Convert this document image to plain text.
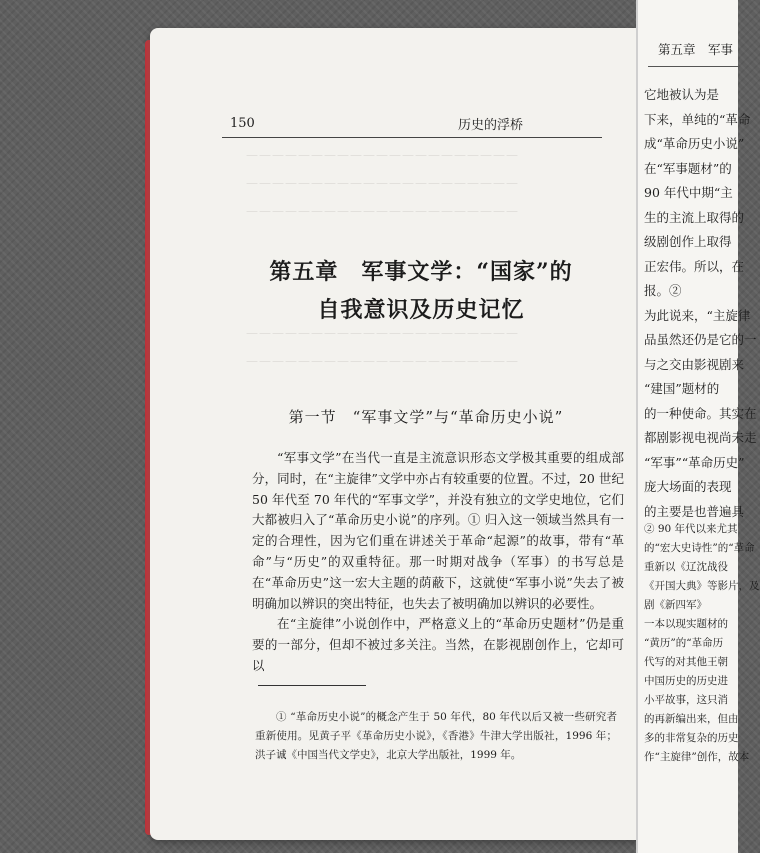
—————————————————————
—————————————————————
—————————————————————
—————————————————————
—————————————————————
150	历史的浮桥
第五章　军事文学：“国家”的
自我意识及历史记忆
第一节　“军事文学”与“革命历史小说”

“军事文学”在当代一直是主流意识形态文学极其重要的组成部分，同时，在“主旋律”文学中亦占有较重要的位置。不过，20 世纪 50 年代至 70 年代的“军事文学”，并没有独立的文学史地位，它们大都被归入了“革命历史小说”的序列。① 归入这一领域当然具有一定的合理性，因为它们重在讲述关于革命“起源”的故事，带有“革命”与“历史”的双重特征。那一时期对战争（军事）的书写总是在“革命历史”这一宏大主题的荫蔽下，这就使“军事小说”失去了被明确加以辨识的突出特征，也失去了被明确加以辨识的必要性。

在“主旋律”小说创作中，严格意义上的“革命历史题材”仍是重要的一部分，但却不被过多关注。当然，在影视剧创作上，它却可以

① “革命历史小说”的概念产生于 50 年代，80 年代以后又被一些研究者重新使用。见黄子平《革命历史小说》，《香港》牛津大学出版社，1996 年；洪子诚《中国当代文学史》，北京大学出版社，1999 年。

第五章　军事
它地被认为是
下来，单纯的“革命
成“革命历史小说”
在“军事题材”的
90 年代中期“主
生的主流上取得的
级剧创作上取得
正宏伟。所以，在
报。②
为此说来，“主旋律
品虽然还仍是它的一
与之交由影视剧来
“建国”题材的
的一种使命。其实在
都剧影视电视尚未走
“军事”“革命历史”
庞大场面的表现
的主要是也普遍具
② 90 年代以来尤其
的“宏大史诗性”的“革命
重新以《辽沈战役
《开国大典》等影片，及
剧《新四军》
一本以现实题材的
“黄历”的“革命历
代写的对其他王朝
中国历史的历史进
小平故事，这只消
的再新编出来，但由
多的非常复杂的历史
作“主旋律”创作，故本
